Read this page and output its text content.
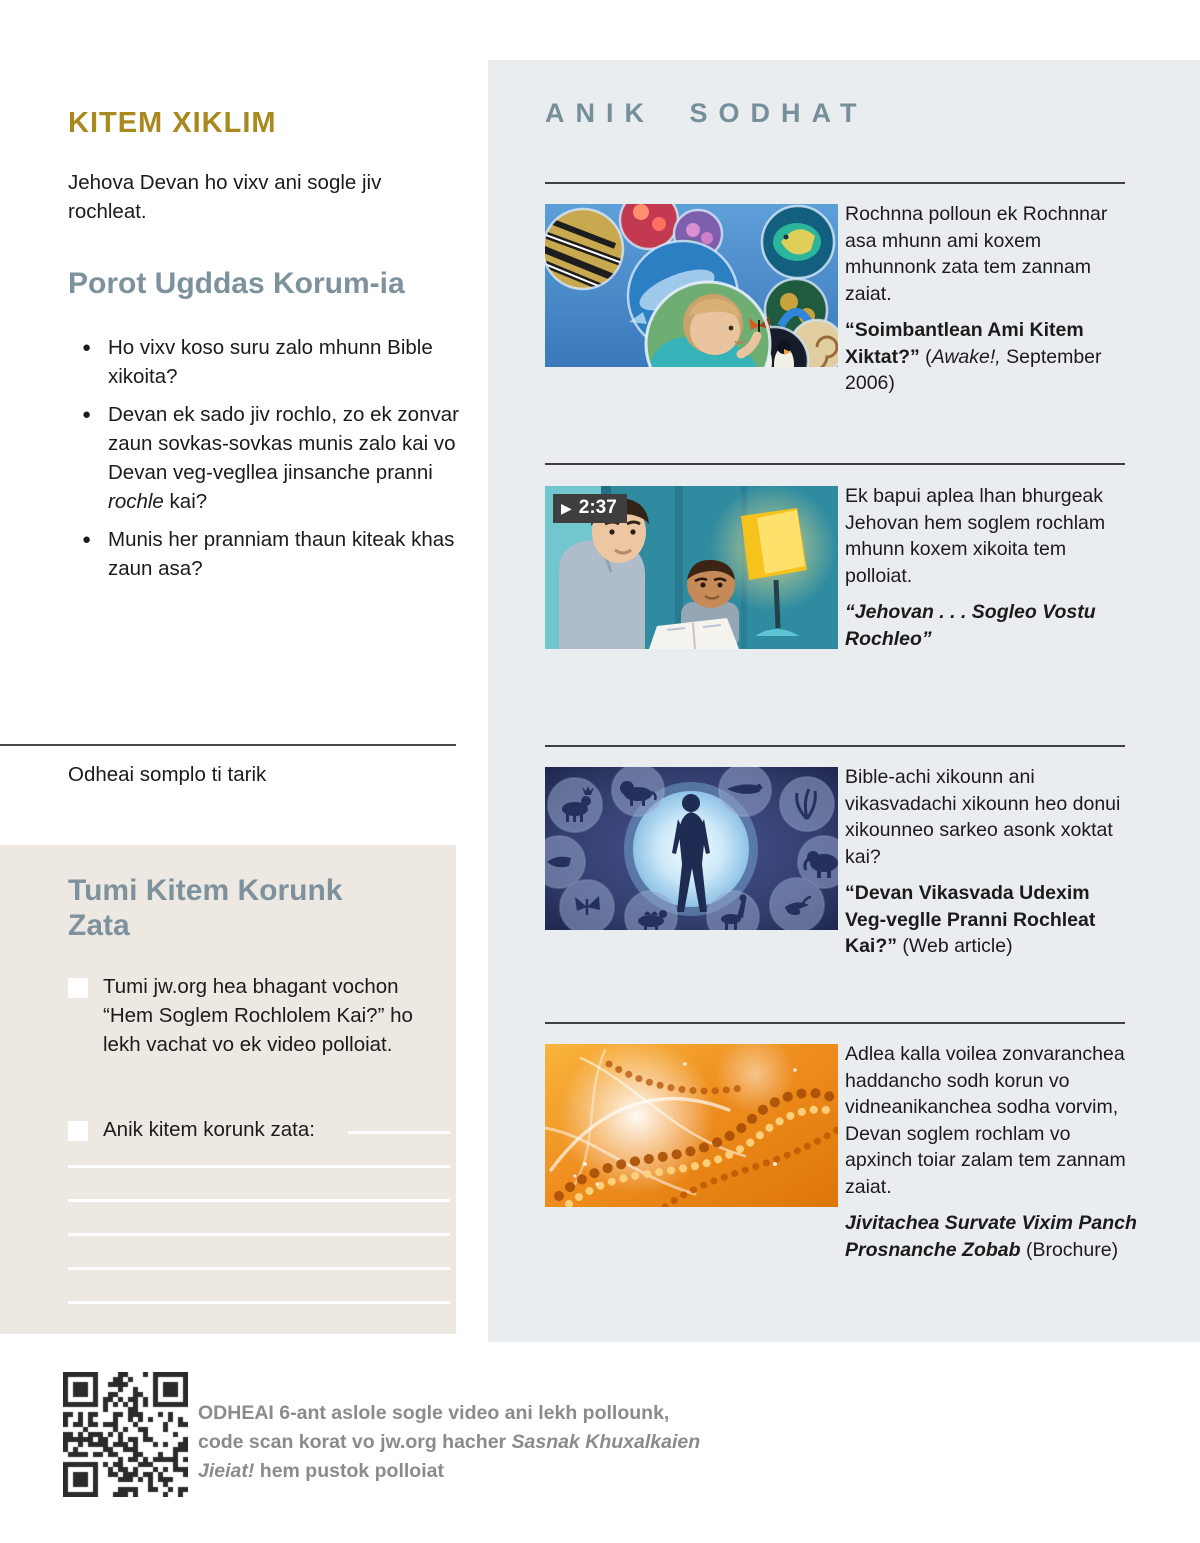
KITEM XIKLIM
Jehova Devan ho vixv ani sogle jiv rochleat.
Porot Ugddas Korum-ia
● Ho vixv koso suru zalo mhunn Bible xikoita?
● Devan ek sado jiv rochlo, zo ek zonvar zaun sovkas-sovkas munis zalo kai vo Devan veg-vegllea jinsanche pranni rochle kai?
● Munis her pranniam thaun kiteak khas zaun asa?
Odheai somplo ti tarik
Tumi Kitem Korunk Zata
Tumi jw.org hea bhagant vochon “Hem Soglem Rochlolem Kai?” ho lekh vachat vo ek video polloiat.
Anik kitem korunk zata:
ANIK SODHAT
Rochnna polloun ek Rochnnar asa mhunn ami koxem mhunnonk zata tem zannam zaiat.
“Soimbantlean Ami Kitem Xiktat?” (Awake!, September 2006)
▶ 2:37
Ek bapui aplea lhan bhurgeak Jehovan hem soglem rochlam mhunn koxem xikoita tem polloiat.
“Jehovan . . . Sogleo Vostu Rochleo”
Bible-achi xikounn ani vikasvadachi xikounn heo donui xikounneo sarkeo asonk xoktat kai?
“Devan Vikasvada Udexim Veg-veglle Pranni Rochleat Kai?” (Web article)
Adlea kalla voilea zonvaranchea haddancho sodh korun vo vidneanikanchea sodha vorvim, Devan soglem rochlam vo apxinch toiar zalam tem zannam zaiat.
Jivitachea Survate Vixim Panch Prosnanche Zobab (Brochure)
ODHEAI 6-ant aslole sogle video ani lekh pollounk, code scan korat vo jw.org hacher Sasnak Khuxalkaien Jieiat! hem pustok polloiat
